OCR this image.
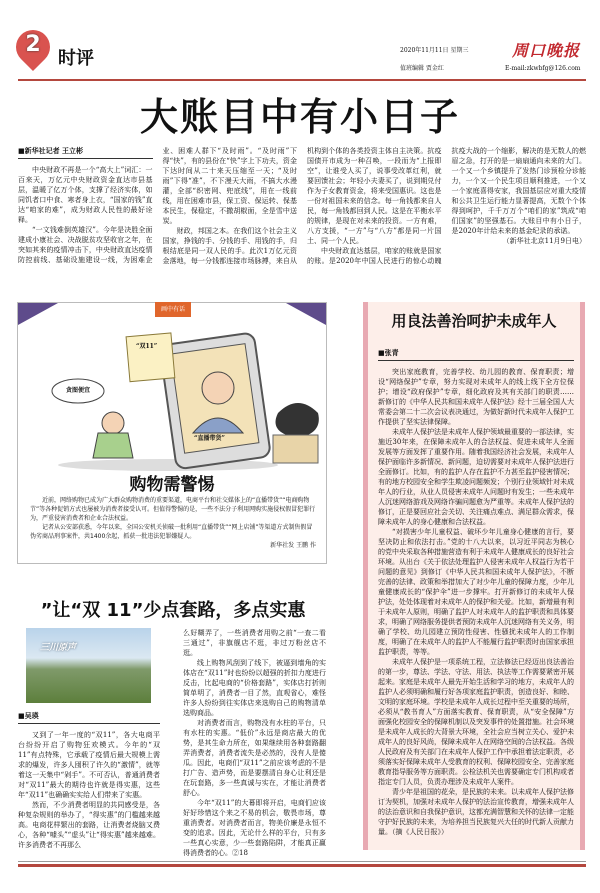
2
时评	2020年11月11日 星期三
值班编辑 贾金红
周口晚报
E-mail:zkwbfg@126.com
大账目中有小日子
■新华社记者 王立彬

中央财政不再是一个“高大上”词汇：一百来天，万亿元中央财政资金直达市县基层，温暖了亿万个体，支撑了经济实体，如同饥者口中食、寒者身上衣，“国家的钱”直达“咱家的难”，成为财政人民性的最好诠释。

“一文钱难倒英雄汉”。今年是决胜全面建成小康社会、决战脱贫攻坚收官之年，在突如其来的疫情冲击下，中央财政直达疫情防控前线、基础设施建设一线，为困难企业、困难人群下“及时雨”。“及时雨”下得“快”，有的县份在“快”字上下功夫，资金下达时间从二十来天压缩至一天；“及时雨”下得“准”，不下漫天大雨，不搞大水漫灌，全部“织密网、兜底线”，用在一线前线，用在困难市县，保工资、保运转、保基本民生，保稳定，不撒胡椒面，全是雪中送炭。

财政，邦国之本。在我们这个社会主义国家，挣钱的手、分钱的手、用钱的手，归根结底是同一双人民的手。此次1万亿元资金落地，每一分钱都连接市场脉搏，来自从机构到个体的各类投资主体自主决策。抗疫国债开市成为一种召唤，一段而为“上报即空”，让谁受人买了，说事受改革红利，就要回馈社会；年轻小夫妻买了，说到期兑付作为子女教育资金，将来受国惠识。这也是一份对祖国未来的信念。每一角钱都来自人民，每一角钱都回到人民。这是在平衡水平的规律，是现在对未来的投资。一方有难，八方支援，“一方”与“八方”都是同一片国土、同一个人民。

中央财政直达基层，咱家的账就是国家的账。是2020年中国人民进行的惊心动魄抗疫大战的一个缩影，解决的是无数人的燃眉之急，打开的是一扇扇通向未来的大门。一个又一个乡镇提升了发热门诊预检分诊能力，一个又一个民生项目顺利推进，一个又一个家庭喜得安家，我国基层应对重大疫情和公共卫生运行能力显著提高，无数个个体得到呵护，千千万万个“咱们的家”筑成“咱们国家”的坚强基石。大账目中有小日子，是2020年计给未来的基金纪录的承诺。

（新华社北京11月9日电）

贪图便宜
“双11”
“直播带货”
画中有话
购物需警惕

近前，网络购物已成为广大群众购物消费的重要渠道，电商平台和社交媒体上的“直播带货”“电商购物节”等各种促销方式也屡被为消费者接受认可。但值得警惕的是，一些不法分子利用网购实施侵权假冒犯罪行为，严重侵害消费者和企业合法权益。

记者从公安部获悉，今年以来，全国公安机关侦破一批利用“直播带货”“网上店铺”等渠道方式制售假冒伪劣商品刑事案件，共1400余起，抓获一批违法犯罪嫌疑人。

新华社发 王鹏 作
用良法善治呵护未成年人
■张青

突出家庭教育，完善学校、幼儿园的教育、保育职责；增设“网络保护”专章，努力实现对未成年人的线上线下全方位保护；增设“政府保护”专章，细化政府及其有关部门的职责……新修订的《中华人民共和国未成年人保护法》经十三届全国人大常委会第二十二次会议表决通过，为做好新时代未成年人保护工作提供了坚实法律保障。

未成年人保护法是未成年人保护领域最重要的一部法律，实施近30年来，在保障未成年人的合法权益、促进未成年人全面发展等方面发挥了重要作用。随着我国经济社会发展，未成年人保护面临许多新情况、新问题，迫切需要对未成年人保护法进行全面修订。比如，有的监护人存在监护不力甚至监护侵害情况；有的地方校园安全和学生欺凌问题频发；个别行业领域针对未成年人的行业，从业人员侵害未成年人问题时有发生；一些未成年人沉迷网络游戏及网络诈骗问题愈为严重等。未成年人保护法的修订，正是要回应社会关切、关注痛点难点、满足群众需求，保障未成年人的身心健康和合法权益。

“对损害少年儿童权益、破坏少年儿童身心健康的言行，要坚决防止和依法打击。”党的十八大以来，以习近平同志为核心的党中央采取各种措施营造有利于未成年人健康成长的良好社会环境。从出台《关于依法处理监护人侵害未成年人权益行为若干问题的意见》到修订《中华人民共和国未成年人保护法》，不断完善的法律、政策和举措加大了对少年儿童的保障力度，少年儿童健康成长的“保护伞”进一步撑牢。打开新修订的未成年人保护法，处处体现着对未成年人的保护和关爱。比如，新增最有利于未成年人原则，明确了监护人对未成年人的监护职责和具体要求，明确了网络服务提供者预防未成年人沉迷网络有关义务，明确了学校、幼儿园建立预防性侵害、性骚扰未成年人的工作制度，明确了在未成年人的监护人不能履行监护职责时由国家承担监护职责，等等。

未成年人保护是一项系统工程，立法修法已经迈出良法善治的第一步，尊法、学法、守法、用法、执法等工作需要紧密开展起来。家庭是未成年人最先开始生活和学习的地方，未成年人的监护人必须明确和履行好各项家庭监护职责，创造良好、和睦、文明的家庭环境。学校是未成年人成长过程中至关重要的场所，必须从“教书育人”方面落实教育、保育职责，从“安全保障”方面强化校园安全的保障机制以及突发事件的处置措施。社会环境是未成年人成长的大背景大环境，全社会应当树立关心、爱护未成年人的良好风尚，保障未成年人在网络空间的合法权益。各级人民政府及有关部门在未成年人保护工作中承担着法定职责，必须落实好保障未成年人受教育的权利、保障校园安全、完善家庭教育指导服务等方面职责。公检法机关也需要确定专门机构或者指定专门人员，负责办理涉及未成年人案件。

青少年是祖国的花朵，是民族的未来。以未成年人保护法修订为契机，加强对未成年人保护的法治宣传教育，增强未成年人的法治意识和自我保护意识，这都充满智慧和关怀的法律一定能守护好民族的未来，为培养担当民族复兴大任的时代新人贡献力量。（摘《人民日报》）

”让“双 11”少点套路，多点实惠
三川原声
■吴瑛

又到了一年一度的“双11”，各大电商平台纷纷开启了购物狂欢模式。今年的“双11”有点特殊，它承载了疫情后最大规模上需求的爆发，许多人囤积了许久的“激情”，就等着这一天集中“剁手”。不可否认，普通消费者对“双11”最大的期待也许就是得实惠，这些年“双11”也确确实实给人们带来了实惠。

然而，不少消费者明显的共同感受是，各种复杂规则的举办了，“得实惠”的门槛越来越高。电商花样繁出的套路，让消费者烧脑又费心，各种“噱头”“虚头”让“得实惠”越来越难。许多消费者不再那么

么好糊弄了，一些消费者用购之前“一查二看三通过”，非旗舰店不逛，非过万粉丝店不逛。

线上购物风刮到了线下，被逼到墙角的实体店在“双11”时也纷纷以超强的折扣力度进行反击，比起电商的“价格套路”，实体店打折则简单明了，消费者一目了然，直观省心，难怪许多人纷纷到往实体店来选购自己的购物清单选购商品。

对消费者而言，购物没有水柱的平台，只有水柱的实惠。“低价”永远是商店最大的优势，是其生命力所在，如果继续用各种套路翻弄消费者，消费者流失是必然的，没有人是傻瓜。因此，电商们“双11”之前应该考虑的不是打广告、造声势，而是要摆清自身心让利还是在玩套路，多一些真诚与实在，才能让消费者舒心。

今年“双11”的大幕即将开启，电商们应该好好珍惜这个来之不易的机会，敬畏市场，尊重消费者。对消费者而言，物美价廉是永恒不变的追求。因此，无论什么样的平台，只有多一些真心实意，少一些套路陷阱，才能真正赢得消费者的心。②18
